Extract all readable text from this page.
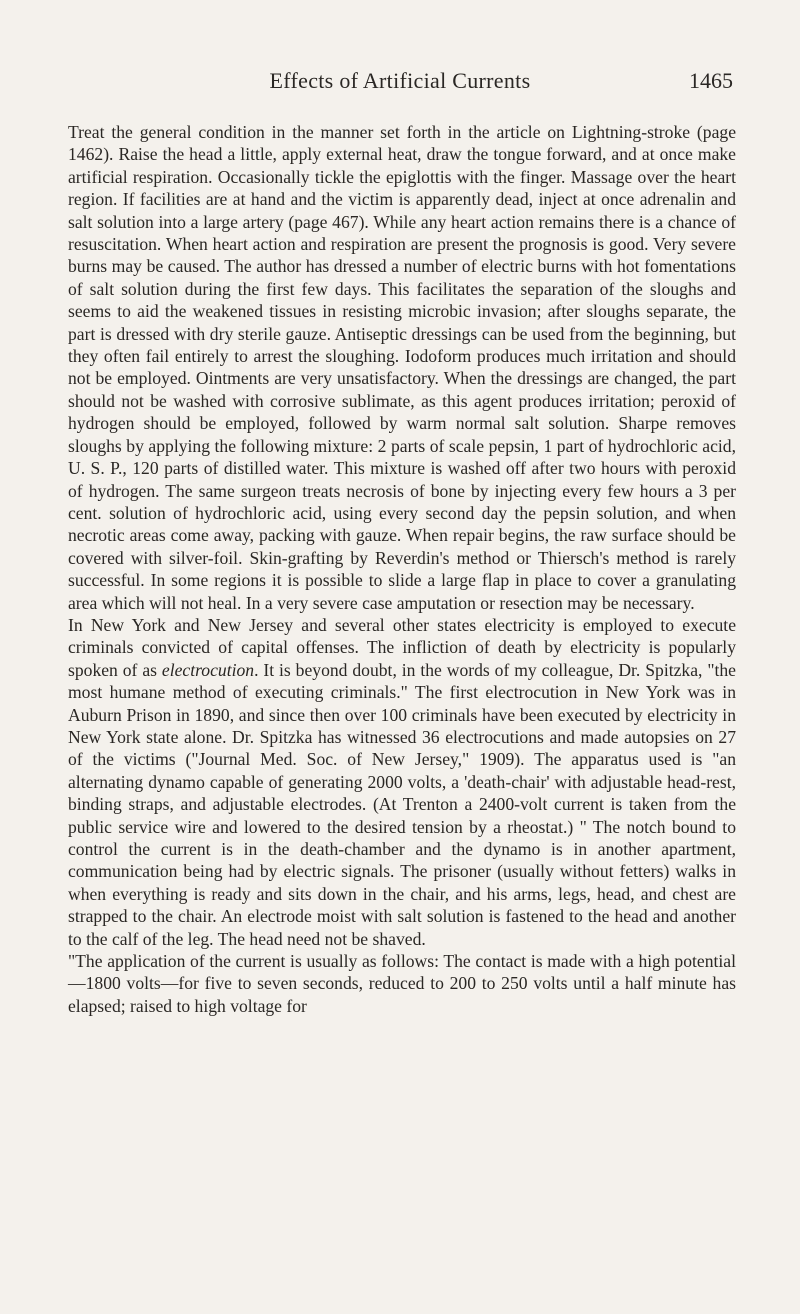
Effects of Artificial Currents	1465

Treat the general condition in the manner set forth in the article on Lightning-stroke (page 1462). Raise the head a little, apply external heat, draw the tongue forward, and at once make artificial respiration. Occasionally tickle the epiglottis with the finger. Massage over the heart region. If facilities are at hand and the victim is apparently dead, inject at once adrenalin and salt solution into a large artery (page 467). While any heart action remains there is a chance of resuscitation. When heart action and respiration are present the prognosis is good. Very severe burns may be caused. The author has dressed a number of electric burns with hot fomentations of salt solution during the first few days. This facilitates the separation of the sloughs and seems to aid the weakened tissues in resisting microbic invasion; after sloughs separate, the part is dressed with dry sterile gauze. Antiseptic dressings can be used from the beginning, but they often fail entirely to arrest the sloughing. Iodoform produces much irritation and should not be employed. Ointments are very unsatisfactory. When the dressings are changed, the part should not be washed with corrosive sublimate, as this agent produces irritation; peroxid of hydrogen should be employed, followed by warm normal salt solution. Sharpe removes sloughs by applying the following mixture: 2 parts of scale pepsin, 1 part of hydrochloric acid, U. S. P., 120 parts of distilled water. This mixture is washed off after two hours with peroxid of hydrogen. The same surgeon treats necrosis of bone by injecting every few hours a 3 per cent. solution of hydrochloric acid, using every second day the pepsin solution, and when necrotic areas come away, packing with gauze. When repair begins, the raw surface should be covered with silver-foil. Skin-grafting by Reverdin's method or Thiersch's method is rarely successful. In some regions it is possible to slide a large flap in place to cover a granulating area which will not heal. In a very severe case amputation or resection may be necessary.

In New York and New Jersey and several other states electricity is employed to execute criminals convicted of capital offenses. The infliction of death by electricity is popularly spoken of as electrocution. It is beyond doubt, in the words of my colleague, Dr. Spitzka, "the most humane method of executing criminals." The first electrocution in New York was in Auburn Prison in 1890, and since then over 100 criminals have been executed by electricity in New York state alone. Dr. Spitzka has witnessed 36 electrocutions and made autopsies on 27 of the victims ("Journal Med. Soc. of New Jersey," 1909). The apparatus used is "an alternating dynamo capable of generating 2000 volts, a 'death-chair' with adjustable head-rest, binding straps, and adjustable electrodes. (At Trenton a 2400-volt current is taken from the public service wire and lowered to the desired tension by a rheostat.) " The notch bound to control the current is in the death-chamber and the dynamo is in another apartment, communication being had by electric signals. The prisoner (usually without fetters) walks in when everything is ready and sits down in the chair, and his arms, legs, head, and chest are strapped to the chair. An electrode moist with salt solution is fastened to the head and another to the calf of the leg. The head need not be shaved.

"The application of the current is usually as follows: The contact is made with a high potential—1800 volts—for five to seven seconds, reduced to 200 to 250 volts until a half minute has elapsed; raised to high voltage for
